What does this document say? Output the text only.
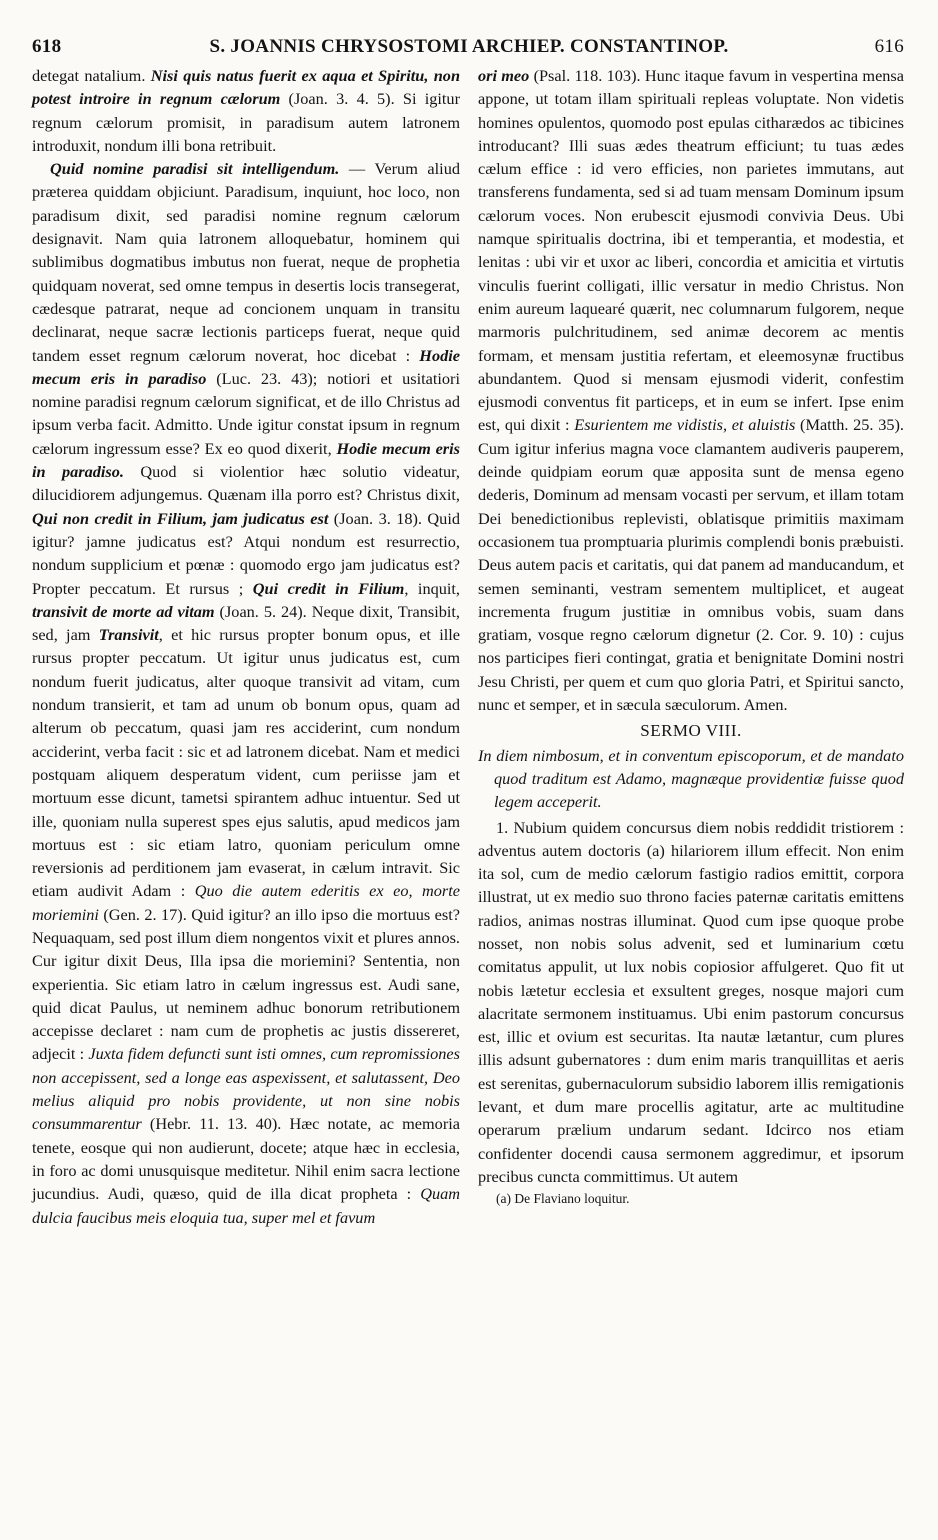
618	S. JOANNIS CHRYSOSTOMI ARCHIEP. CONSTANTINOP.	616

detegat natalium. Nisi quis natus fuerit ex aqua et Spiritu, non potest introire in regnum cælorum (Joan. 3. 4. 5). Si igitur regnum cælorum promisit, in paradisum autem latronem introduxit, nondum illi bona retribuit.

Quid nomine paradisi sit intelligendum. — Verum aliud præterea quiddam objiciunt. Paradisum, inquiunt, hoc loco, non paradisum dixit, sed paradisi nomine regnum cælorum designavit. Nam quia latronem alloquebatur, hominem qui sublimibus dogmatibus imbutus non fuerat, neque de prophetia quidquam noverat, sed omne tempus in desertis locis transegerat, cædesque patrarat, neque ad concionem unquam in transitu declinarat, neque sacræ lectionis particeps fuerat, neque quid tandem esset regnum cælorum noverat, hoc dicebat : Hodie mecum eris in paradiso (Luc. 23. 43); notiori et usitatiori nomine paradisi regnum cælorum significat, et de illo Christus ad ipsum verba facit. Admitto. Unde igitur constat ipsum in regnum cælorum ingressum esse? Ex eo quod dixerit, Hodie mecum eris in paradiso. Quod si violentior hæc solutio videatur, dilucidiorem adjungemus. Quænam illa porro est? Christus dixit, Qui non credit in Filium, jam judicatus est (Joan. 3. 18). Quid igitur? jamne judicatus est? Atqui nondum est resurrectio, nondum supplicium et pœnæ : quomodo ergo jam judicatus est? Propter peccatum. Et rursus ; Qui credit in Filium, inquit, transivit de morte ad vitam (Joan. 5. 24). Neque dixit, Transibit, sed, jam Transivit, et hic rursus propter bonum opus, et ille rursus propter peccatum. Ut igitur unus judicatus est, cum nondum fuerit judicatus, alter quoque transivit ad vitam, cum nondum transierit, et tam ad unum ob bonum opus, quam ad alterum ob peccatum, quasi jam res acciderint, cum nondum acciderint, verba facit : sic et ad latronem dicebat. Nam et medici postquam aliquem desperatum vident, cum periisse jam et mortuum esse dicunt, tametsi spirantem adhuc intuentur. Sed ut ille, quoniam nulla superest spes ejus salutis, apud medicos jam mortuus est : sic etiam latro, quoniam periculum omne reversionis ad perditionem jam evaserat, in cælum intravit. Sic etiam audivit Adam : Quo die autem ederitis ex eo, morte moriemini (Gen. 2. 17). Quid igitur? an illo ipso die mortuus est? Nequaquam, sed post illum diem nongentos vixit et plures annos. Cur igitur dixit Deus, Illa ipsa die moriemini? Sententia, non experientia. Sic etiam latro in cælum ingressus est. Audi sane, quid dicat Paulus, ut neminem adhuc bonorum retributionem accepisse declaret : nam cum de prophetis ac justis dissereret, adjecit : Juxta fidem defuncti sunt isti omnes, cum repromissiones non accepissent, sed a longe eas aspexissent, et salutassent, Deo melius aliquid pro nobis providente, ut non sine nobis consummarentur (Hebr. 11. 13. 40). Hæc notate, ac memoria tenete, eosque qui non audierunt, docete; atque hæc in ecclesia, in foro ac domi unusquisque meditetur. Nihil enim sacra lectione jucundius. Audi, quæso, quid de illa dicat propheta : Quam dulcia faucibus meis eloquia tua, super mel et favum

ori meo (Psal. 118. 103). Hunc itaque favum in vespertina mensa appone, ut totam illam spirituali repleas voluptate. Non videtis homines opulentos, quomodo post epulas citharædos ac tibicines introducant? Illi suas ædes theatrum efficiunt; tu tuas ædes cælum effice : id vero efficies, non parietes immutans, aut transferens fundamenta, sed si ad tuam mensam Dominum ipsum cælorum voces. Non erubescit ejusmodi convivia Deus. Ubi namque spiritualis doctrina, ibi et temperantia, et modestia, et lenitas : ubi vir et uxor ac liberi, concordia et amicitia et virtutis vinculis fuerint colligati, illic versatur in medio Christus. Non enim aureum laquearé quærit, nec columnarum fulgorem, neque marmoris pulchritudinem, sed animæ decorem ac mentis formam, et mensam justitia refertam, et eleemosynæ fructibus abundantem. Quod si mensam ejusmodi viderit, confestim ejusmodi conventus fit particeps, et in eum se infert. Ipse enim est, qui dixit : Esurientem me vidistis, et aluistis (Matth. 25. 35). Cum igitur inferius magna voce clamantem audiveris pauperem, deinde quidpiam eorum quæ apposita sunt de mensa egeno dederis, Dominum ad mensam vocasti per servum, et illam totam Dei benedictionibus replevisti, oblatisque primitiis maximam occasionem tua promptuaria plurimis complendi bonis præbuisti. Deus autem pacis et caritatis, qui dat panem ad manducandum, et semen seminanti, vestram sementem multiplicet, et augeat incrementa frugum justitiæ in omnibus vobis, suam dans gratiam, vosque regno cælorum dignetur (2. Cor. 9. 10) : cujus nos participes fieri contingat, gratia et benignitate Domini nostri Jesu Christi, per quem et cum quo gloria Patri, et Spiritui sancto, nunc et semper, et in sæcula sæculorum. Amen.

SERMO VIII.
In diem nimbosum, et in conventum episcoporum, et de mandato quod traditum est Adamo, magnæque providentiæ fuisse quod legem acceperit.

1. Nubium quidem concursus diem nobis reddidit tristiorem : adventus autem doctoris (a) hilariorem illum effecit. Non enim ita sol, cum de medio cælorum fastigio radios emittit, corpora illustrat, ut ex medio suo throno facies paternæ caritatis emittens radios, animas nostras illuminat. Quod cum ipse quoque probe nosset, non nobis solus advenit, sed et luminarium cœtu comitatus appulit, ut lux nobis copiosior affulgeret. Quo fit ut nobis lætetur ecclesia et exsultent greges, nosque majori cum alacritate sermonem instituamus. Ubi enim pastorum concursus est, illic et ovium est securitas. Ita nautæ lætantur, cum plures illis adsunt gubernatores : dum enim maris tranquillitas et aeris est serenitas, gubernaculorum subsidio laborem illis remigationis levant, et dum mare procellis agitatur, arte ac multitudine operarum prælium undarum sedant. Idcirco nos etiam confidenter docendi causa sermonem aggredimur, et ipsorum precibus cuncta committimus. Ut autem

(a) De Flaviano loquitur.
